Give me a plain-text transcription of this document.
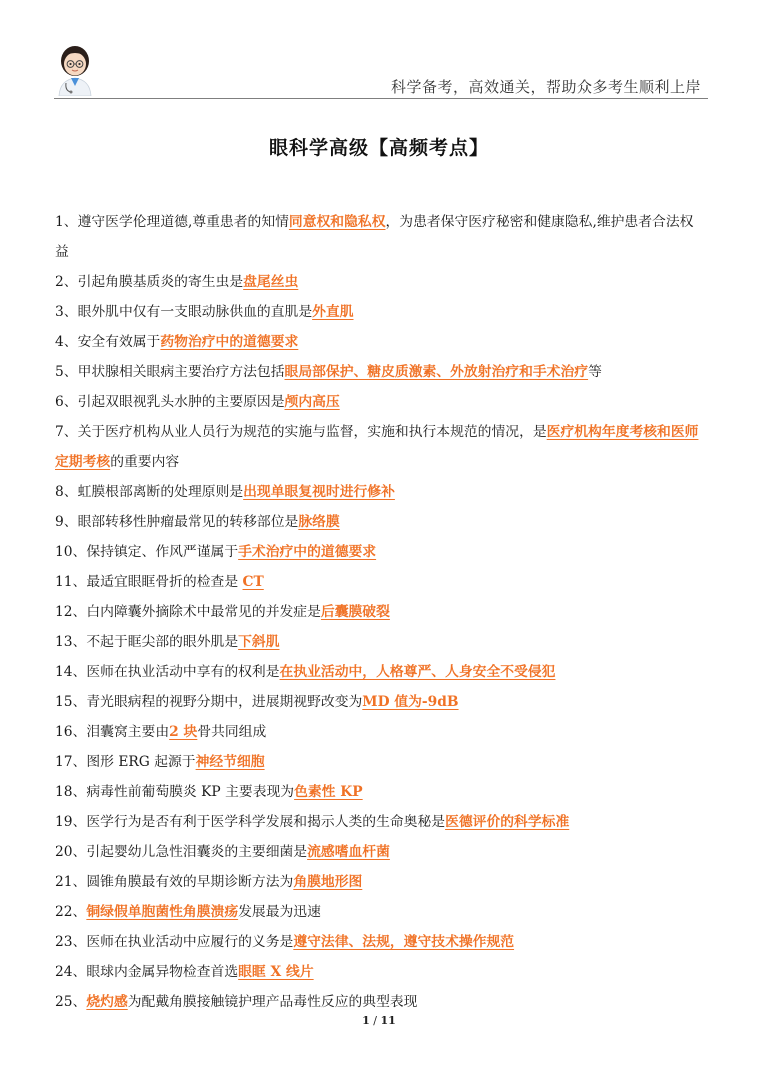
科学备考，高效通关，帮助众多考生顺利上岸
眼科学高级【高频考点】
1、遵守医学伦理道德,尊重患者的知情同意权和隐私权，为患者保守医疗秘密和健康隐私,维护患者合法权益
2、引起角膜基质炎的寄生虫是盘尾丝虫
3、眼外肌中仅有一支眼动脉供血的直肌是外直肌
4、安全有效属于药物治疗中的道德要求
5、甲状腺相关眼病主要治疗方法包括眼局部保护、糖皮质激素、外放射治疗和手术治疗等
6、引起双眼视乳头水肿的主要原因是颅内高压
7、关于医疗机构从业人员行为规范的实施与监督，实施和执行本规范的情况，是医疗机构年度考核和医师定期考核的重要内容
8、虹膜根部离断的处理原则是出现单眼复视时进行修补
9、眼部转移性肿瘤最常见的转移部位是脉络膜
10、保持镇定、作风严谨属于手术治疗中的道德要求
11、最适宜眼眶骨折的检查是 CT
12、白内障囊外摘除术中最常见的并发症是后囊膜破裂
13、不起于眶尖部的眼外肌是下斜肌
14、医师在执业活动中享有的权利是在执业活动中，人格尊严、人身安全不受侵犯
15、青光眼病程的视野分期中，进展期视野改变为MD 值为-9dB
16、泪囊窝主要由2 块骨共同组成
17、图形 ERG 起源于神经节细胞
18、病毒性前葡萄膜炎 KP 主要表现为色素性 KP
19、医学行为是否有利于医学科学发展和揭示人类的生命奥秘是医德评价的科学标准
20、引起婴幼儿急性泪囊炎的主要细菌是流感嗜血杆菌
21、圆锥角膜最有效的早期诊断方法为角膜地形图
22、铜绿假单胞菌性角膜溃疡发展最为迅速
23、医师在执业活动中应履行的义务是遵守法律、法规，遵守技术操作规范
24、眼球内金属异物检查首选眼眶 X 线片
25、烧灼感为配戴角膜接触镜护理产品毒性反应的典型表现
1 / 11
